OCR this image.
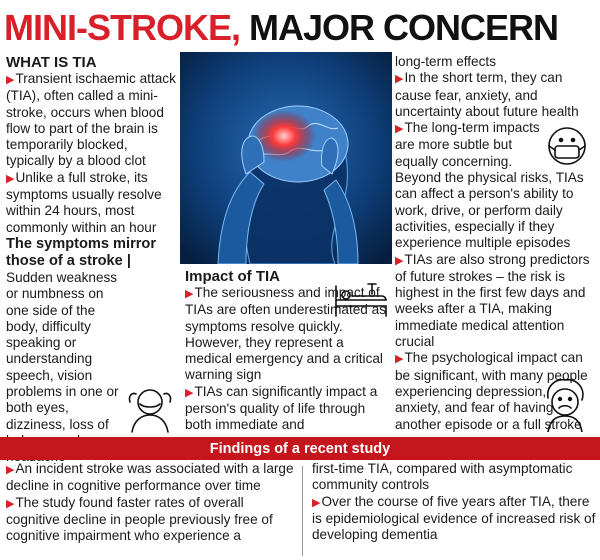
MINI-STROKE,
MAJOR CONCERN

WHAT IS TIA

▶Transient ischaemic attack (TIA), often called a mini-stroke, occurs when blood flow to part of the brain is temporarily blocked, typically by a blood clot

▶Unlike a full stroke, its symptoms usually resolve within 24 hours, most commonly within an hour

The symptoms mirror those of a stroke |

Sudden weakness or numbness on one side of the body, difficulty speaking or understanding speech, vision problems in one or both eyes, dizziness, loss of

Impact of TIA

▶The seriousness and impact of TIAs are often underestimated as symptoms resolve quickly. However, they represent a medical emergency and a critical warning sign

▶TIAs can significantly impact a person's quality of life through both immediate and

long-term effects

▶In the short term, they can cause fear, anxiety, and uncertainty about future health

▶The long-term impacts are more subtle but equally concerning.

Beyond the physical risks, TIAs can affect a person's ability to work, drive, or perform daily activities, especially if they experience multiple episodes

▶TIAs are also strong predictors of future strokes – the risk is highest in the first few days and weeks after a TIA, making immediate medical attention crucial

▶The psychological impact can be significant, with many people experiencing depression, anxiety, and fear of having another episode or a full stroke

Findings of a recent study

▶An incident stroke was associated with a large decline in cognitive performance over time

▶The study found faster rates of overall cognitive decline in people previously free of cognitive impairment who experience a

first-time TIA, compared with asymptomatic community controls

▶Over the course of five years after TIA, there is epidemiological evidence of increased risk of developing dementia
